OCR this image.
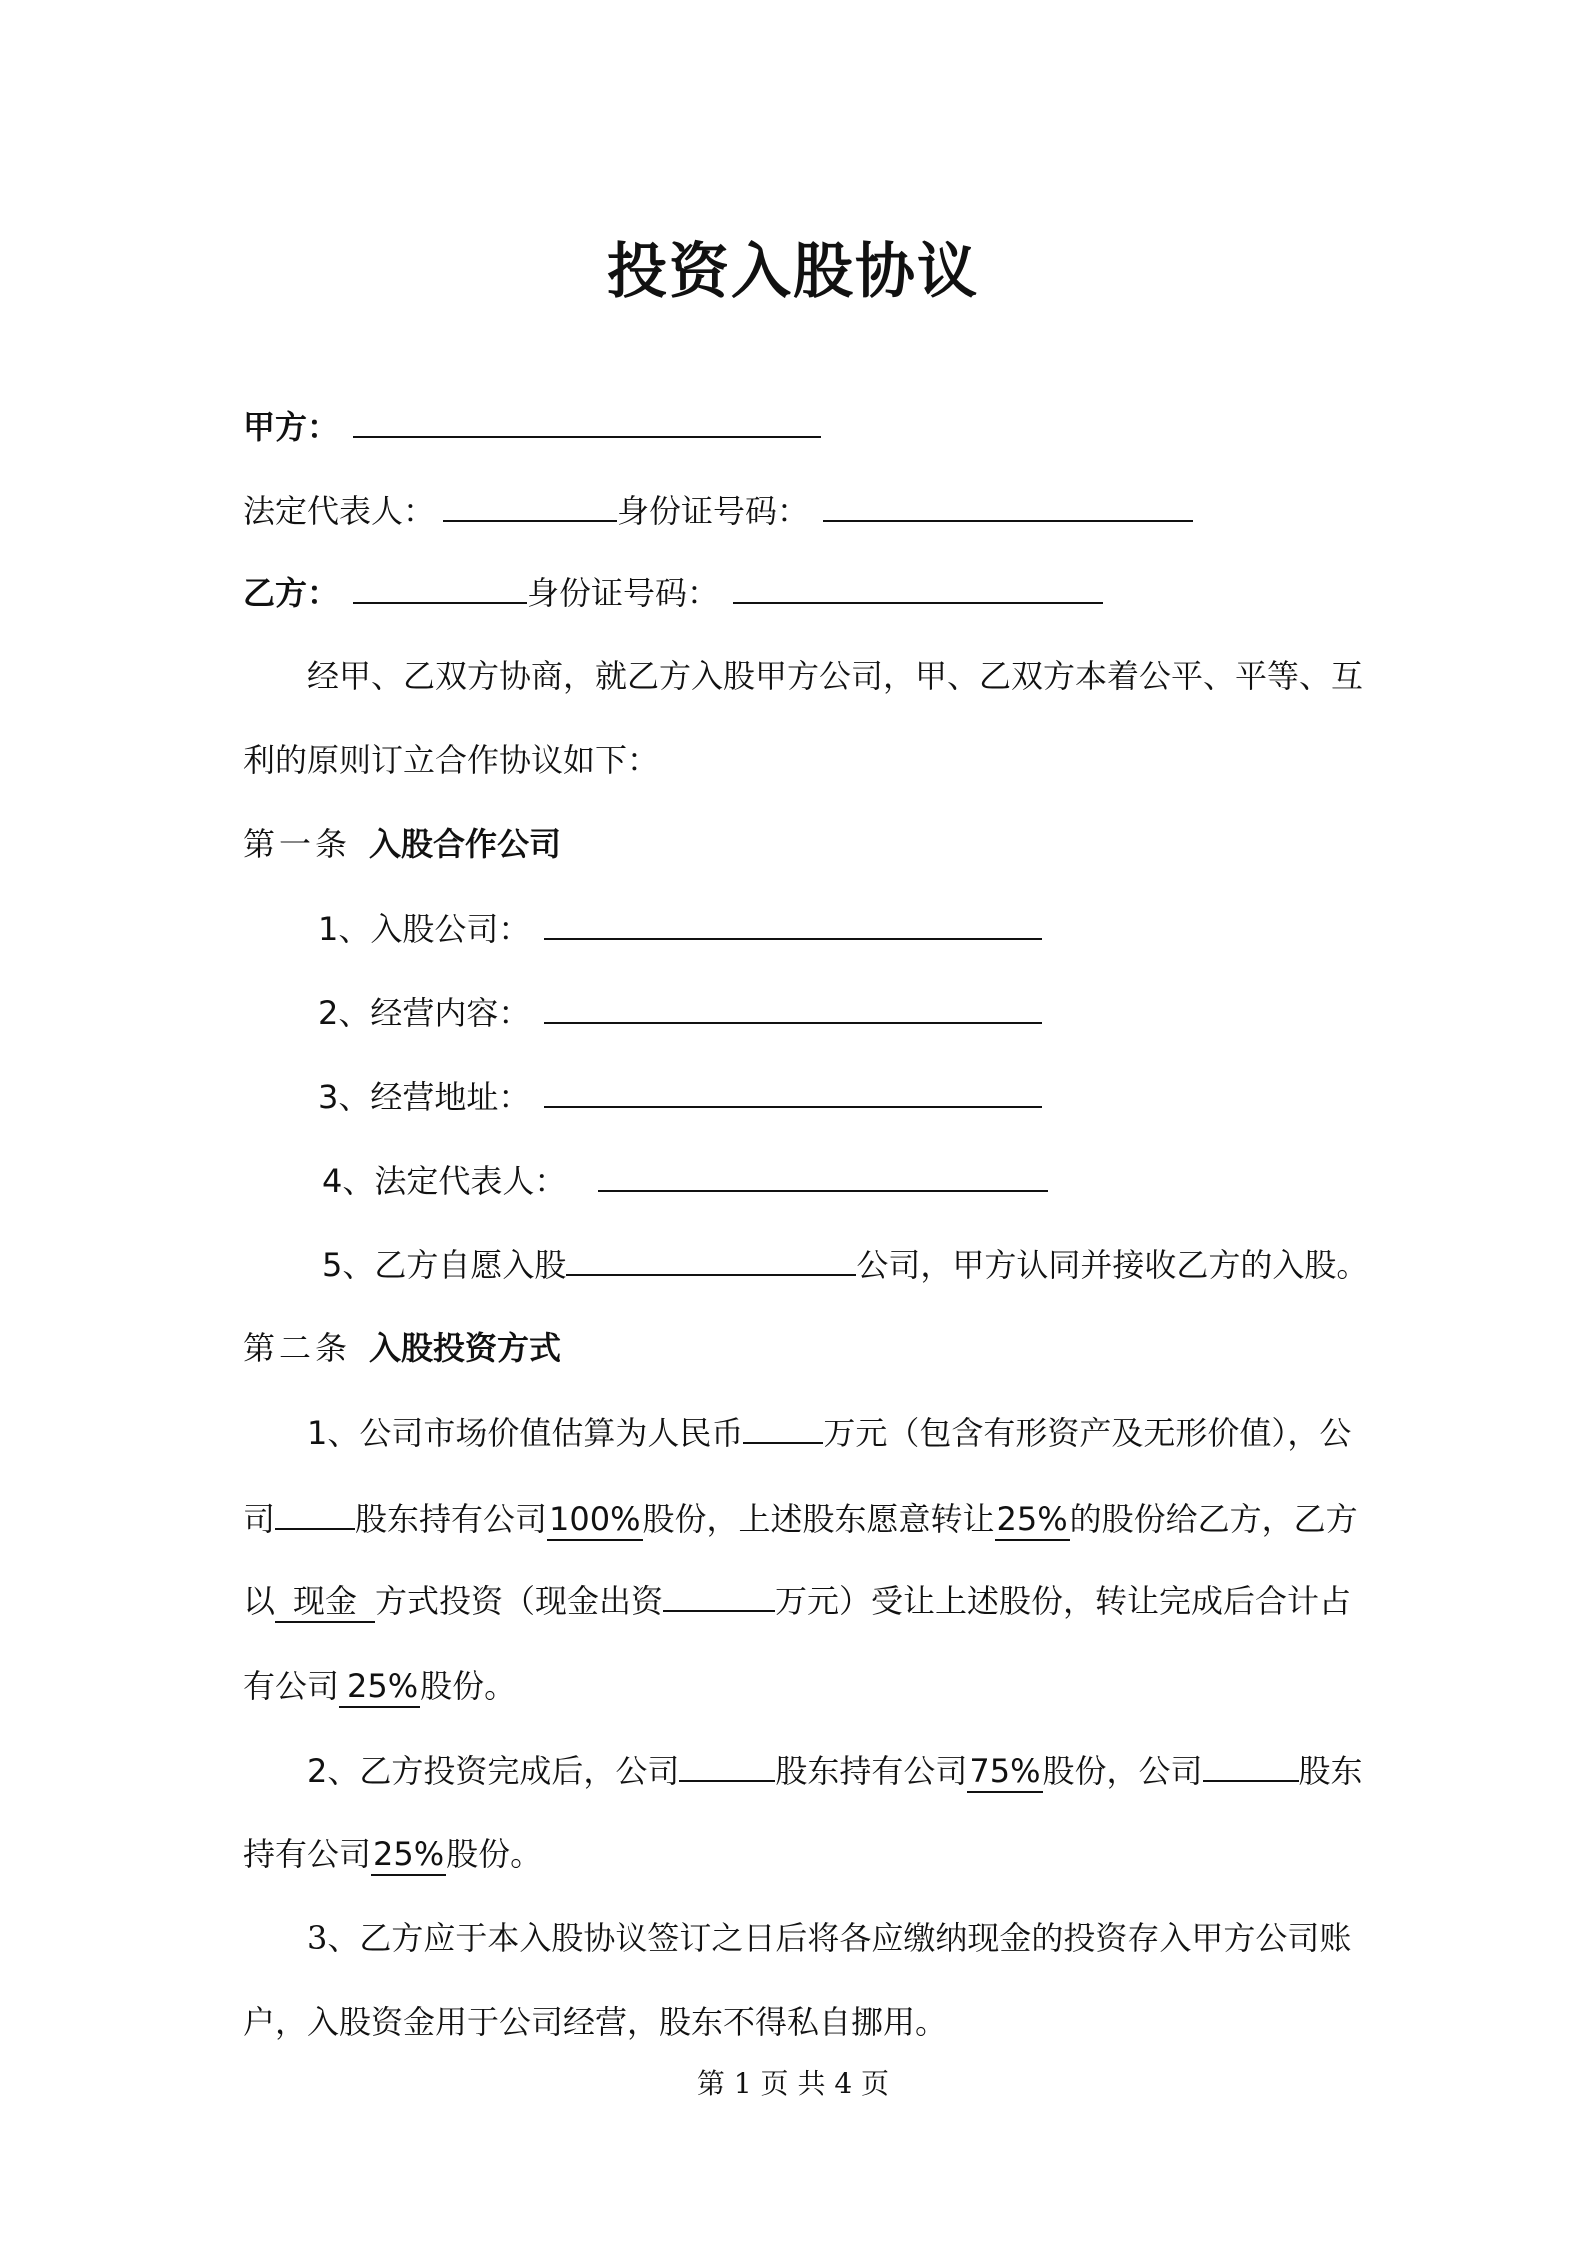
投资入股协议
甲方：
法定代表人：	身份证号码：
乙方：	身份证号码：
经甲、乙双方协商，就乙方入股甲方公司，甲、乙双方本着公平、平等、互
利的原则订立合作协议如下：
第一条 入股合作公司
1、入股公司：
2、经营内容：
3、经营地址：
4、法定代表人：
5、乙方自愿入股	公司，甲方认同并接收乙方的入股。
第二条 入股投资方式
1、公司市场价值估算为人民币	万元（包含有形资产及无形价值），公
司	股东持有公司100%股份，上述股东愿意转让25%的股份给乙方，乙方
以 现金 方式投资（现金出资	万元）受让上述股份，转让完成后合计占
有公司 25%股份。
2、乙方投资完成后，公司	股东持有公司75%股份，公司	股东
持有公司25%股份。
3、乙方应于本入股协议签订之日后将各应缴纳现金的投资存入甲方公司账
户，入股资金用于公司经营，股东不得私自挪用。
第 1 页 共 4 页
